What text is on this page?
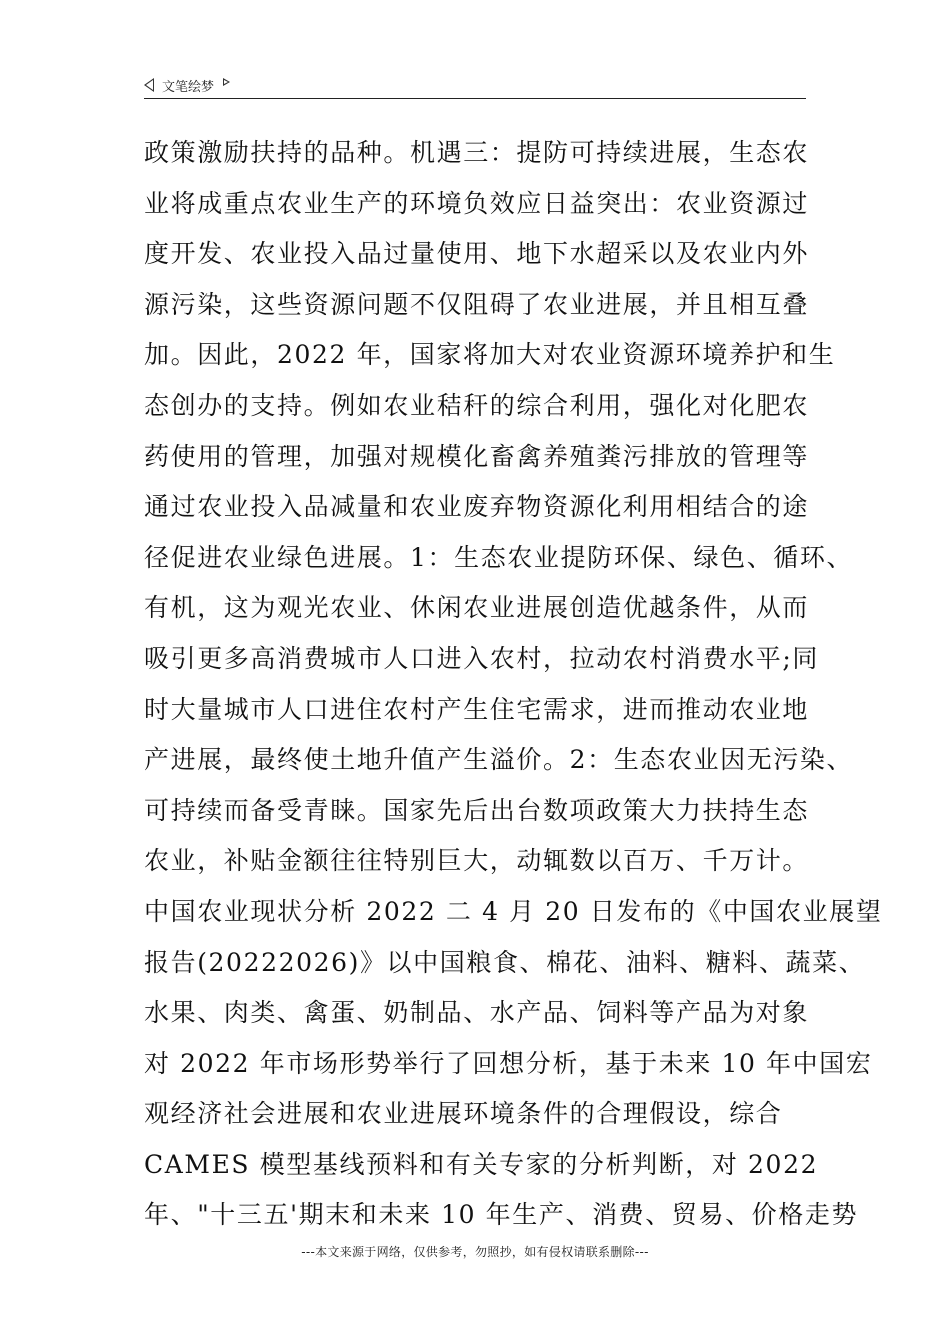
文笔绘梦
政策激励扶持的品种。机遇三：提防可持续进展，生态农
业将成重点农业生产的环境负效应日益突出：农业资源过
度开发、农业投入品过量使用、地下水超采以及农业内外
源污染，这些资源问题不仅阻碍了农业进展，并且相互叠
加。因此，2022 年，国家将加大对农业资源环境养护和生
态创办的支持。例如农业秸秆的综合利用，强化对化肥农
药使用的管理，加强对规模化畜禽养殖粪污排放的管理等
通过农业投入品减量和农业废弃物资源化利用相结合的途
径促进农业绿色进展。1：生态农业提防环保、绿色、循环、
有机，这为观光农业、休闲农业进展创造优越条件，从而
吸引更多高消费城市人口进入农村，拉动农村消费水平;同
时大量城市人口进住农村产生住宅需求，进而推动农业地
产进展，最终使土地升值产生溢价。2：生态农业因无污染、
可持续而备受青睐。国家先后出台数项政策大力扶持生态
农业，补贴金额往往特别巨大，动辄数以百万、千万计。
中国农业现状分析 2022 二 4 月 20 日发布的《中国农业展望
报告(20222026)》以中国粮食、棉花、油料、糖料、蔬菜、
水果、肉类、禽蛋、奶制品、水产品、饲料等产品为对象
对 2022 年市场形势举行了回想分析，基于未来 10 年中国宏
观经济社会进展和农业进展环境条件的合理假设，综合
CAMES 模型基线预料和有关专家的分析判断，对 2022
年、"十三五'期末和未来 10 年生产、消费、贸易、价格走势
---本文来源于网络，仅供参考，勿照抄，如有侵权请联系删除---
